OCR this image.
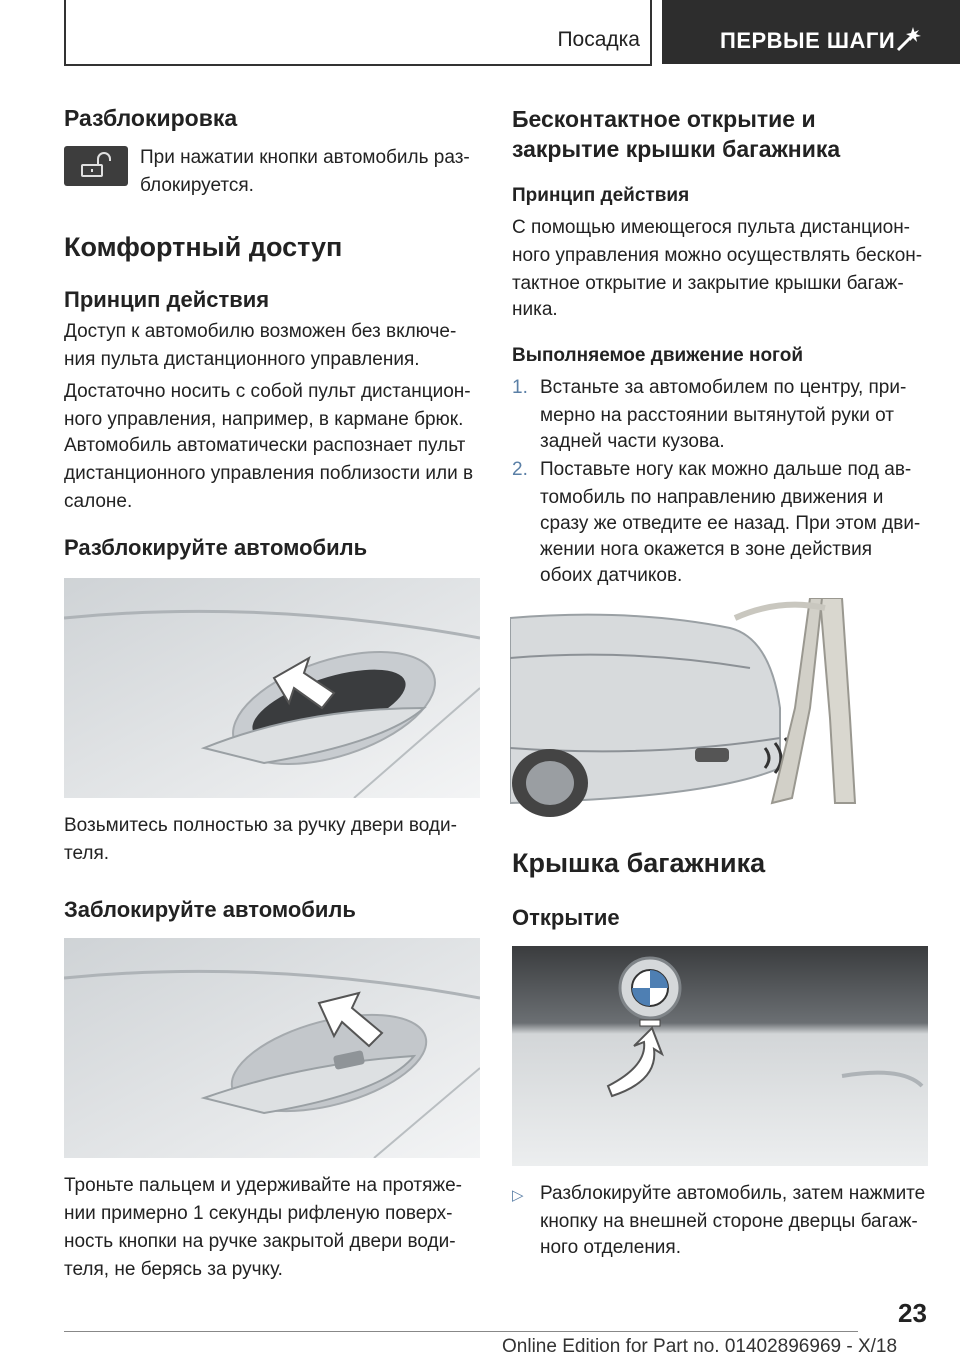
Посадка	ПЕРВЫЕ ШАГИ
Разблокировка
При нажатии кнопки автомобиль раз-
блокируется.
Комфортный доступ
Принцип действия
Доступ к автомобилю возможен без включе-
ния пульта дистанционного управления.
Достаточно носить с собой пульт дистанцион-
ного управления, например, в кармане брюк.
Автомобиль автоматически распознает пульт
дистанционного управления поблизости или в
салоне.
Разблокируйте автомобиль
Возьмитесь полностью за ручку двери води-
теля.
Заблокируйте автомобиль
Троньте пальцем и удерживайте на протяже-
нии примерно 1 секунды рифленую поверх-
ность кнопки на ручке закрытой двери води-
теля, не берясь за ручку.
Бесконтактное открытие и
закрытие крышки багажника
Принцип действия
С помощью имеющегося пульта дистанцион-
ного управления можно осуществлять бескон-
тактное открытие и закрытие крышки багаж-
ника.
Выполняемое движение ногой
1. Встаньте за автомобилем по центру, при-
мерно на расстоянии вытянутой руки от
задней части кузова.
2. Поставьте ногу как можно дальше под ав-
томобиль по направлению движения и
сразу же отведите ее назад. При этом дви-
жении нога окажется в зоне действия
обоих датчиков.
Крышка багажника
Открытие
▷ Разблокируйте автомобиль, затем нажмите
кнопку на внешней стороне дверцы багаж-
ного отделения.
23
Online Edition for Part no. 01402896969 - X/18
